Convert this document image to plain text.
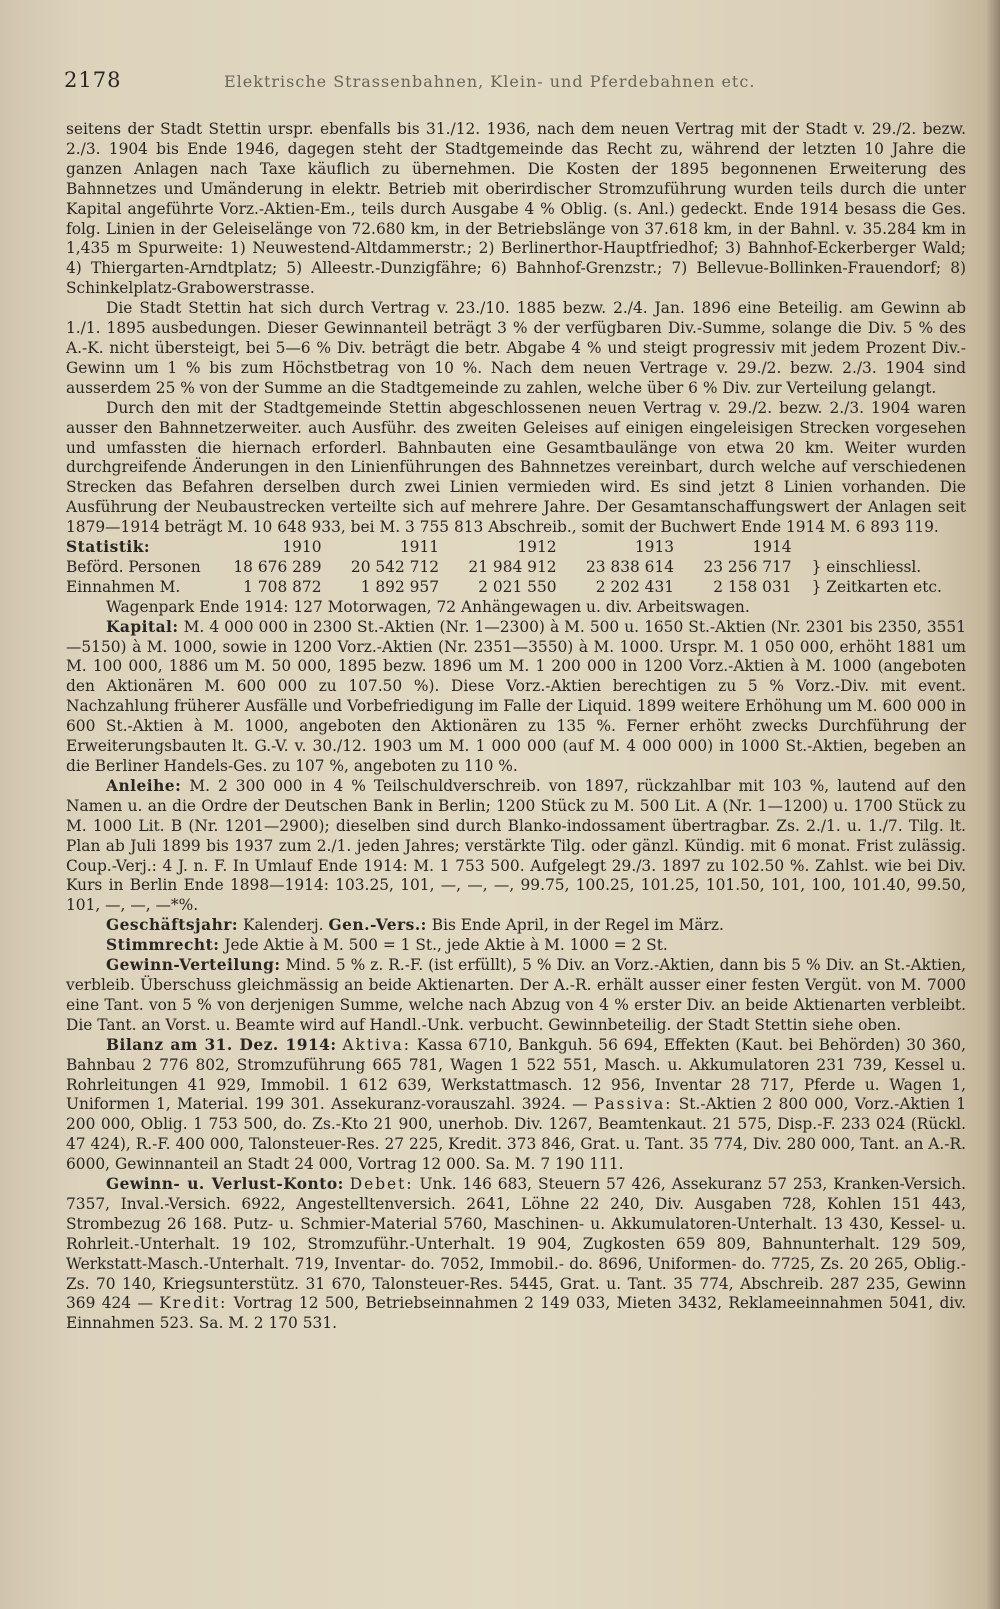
2178	Elektrische Strassenbahnen, Klein- und Pferdebahnen etc.

seitens der Stadt Stettin urspr. ebenfalls bis 31./12. 1936, nach dem neuen Vertrag mit der Stadt v. 29./2. bezw. 2./3. 1904 bis Ende 1946, dagegen steht der Stadtgemeinde das Recht zu, während der letzten 10 Jahre die ganzen Anlagen nach Taxe käuflich zu übernehmen. Die Kosten der 1895 begonnenen Erweiterung des Bahnnetzes und Umänderung in elektr. Betrieb mit oberirdischer Stromzuführung wurden teils durch die unter Kapital angeführte Vorz.-Aktien-Em., teils durch Ausgabe 4 % Oblig. (s. Anl.) gedeckt. Ende 1914 besass die Ges. folg. Linien in der Geleiselänge von 72.680 km, in der Betriebslänge von 37.618 km, in der Bahnl. v. 35.284 km in 1,435 m Spurweite: 1) Neuwestend-Altdammerstr.; 2) Berlinerthor-Hauptfriedhof; 3) Bahnhof-Eckerberger Wald; 4) Thiergarten-Arndtplatz; 5) Alleestr.-Dunzigfähre; 6) Bahnhof-Grenzstr.; 7) Bellevue-Bollinken-Frauendorf; 8) Schinkelplatz-Grabowerstrasse.

Die Stadt Stettin hat sich durch Vertrag v. 23./10. 1885 bezw. 2./4. Jan. 1896 eine Beteilig. am Gewinn ab 1./1. 1895 ausbedungen. Dieser Gewinnanteil beträgt 3 % der verfügbaren Div.-Summe, solange die Div. 5 % des A.-K. nicht übersteigt, bei 5—6 % Div. beträgt die betr. Abgabe 4 % und steigt progressiv mit jedem Prozent Div.-Gewinn um 1 % bis zum Höchstbetrag von 10 %. Nach dem neuen Vertrage v. 29./2. bezw. 2./3. 1904 sind ausserdem 25 % von der Summe an die Stadtgemeinde zu zahlen, welche über 6 % Div. zur Verteilung gelangt.

Durch den mit der Stadtgemeinde Stettin abgeschlossenen neuen Vertrag v. 29./2. bezw. 2./3. 1904 waren ausser den Bahnnetzerweiter. auch Ausführ. des zweiten Geleises auf einigen eingeleisigen Strecken vorgesehen und umfassten die hiernach erforderl. Bahnbauten eine Gesamtbaulänge von etwa 20 km. Weiter wurden durchgreifende Änderungen in den Linienführungen des Bahnnetzes vereinbart, durch welche auf verschiedenen Strecken das Befahren derselben durch zwei Linien vermieden wird. Es sind jetzt 8 Linien vorhanden. Die Ausführung der Neubaustrecken verteilte sich auf mehrere Jahre. Der Gesamtanschaffungswert der Anlagen seit 1879—1914 beträgt M. 10 648 933, bei M. 3 755 813 Abschreib., somit der Buchwert Ende 1914 M. 6 893 119.

Statistik:	1910	1911	1912	1913	1914	
Beförd. Personen	18 676 289	20 542 712	21 984 912	23 838 614	23 256 717	} einschliessl.
Einnahmen M.	1 708 872	1 892 957	2 021 550	2 202 431	2 158 031	} Zeitkarten etc.

Wagenpark Ende 1914: 127 Motorwagen, 72 Anhängewagen u. div. Arbeitswagen.

Kapital: M. 4 000 000 in 2300 St.-Aktien (Nr. 1—2300) à M. 500 u. 1650 St.-Aktien (Nr. 2301 bis 2350, 3551—5150) à M. 1000, sowie in 1200 Vorz.-Aktien (Nr. 2351—3550) à M. 1000. Urspr. M. 1 050 000, erhöht 1881 um M. 100 000, 1886 um M. 50 000, 1895 bezw. 1896 um M. 1 200 000 in 1200 Vorz.-Aktien à M. 1000 (angeboten den Aktionären M. 600 000 zu 107.50 %). Diese Vorz.-Aktien berechtigen zu 5 % Vorz.-Div. mit event. Nachzahlung früherer Ausfälle und Vorbefriedigung im Falle der Liquid. 1899 weitere Erhöhung um M. 600 000 in 600 St.-Aktien à M. 1000, angeboten den Aktionären zu 135 %. Ferner erhöht zwecks Durchführung der Erweiterungsbauten lt. G.-V. v. 30./12. 1903 um M. 1 000 000 (auf M. 4 000 000) in 1000 St.-Aktien, begeben an die Berliner Handels-Ges. zu 107 %, angeboten zu 110 %.

Anleihe: M. 2 300 000 in 4 % Teilschuldverschreib. von 1897, rückzahlbar mit 103 %, lautend auf den Namen u. an die Ordre der Deutschen Bank in Berlin; 1200 Stück zu M. 500 Lit. A (Nr. 1—1200) u. 1700 Stück zu M. 1000 Lit. B (Nr. 1201—2900); dieselben sind durch Blanko-indossament übertragbar. Zs. 2./1. u. 1./7. Tilg. lt. Plan ab Juli 1899 bis 1937 zum 2./1. jeden Jahres; verstärkte Tilg. oder gänzl. Kündig. mit 6 monat. Frist zulässig. Coup.-Verj.: 4 J. n. F. In Umlauf Ende 1914: M. 1 753 500. Aufgelegt 29./3. 1897 zu 102.50 %. Zahlst. wie bei Div. Kurs in Berlin Ende 1898—1914: 103.25, 101, —, —, —, 99.75, 100.25, 101.25, 101.50, 101, 100, 101.40, 99.50, 101, —, —, —*%.

Geschäftsjahr: Kalenderj. Gen.-Vers.: Bis Ende April, in der Regel im März.

Stimmrecht: Jede Aktie à M. 500 = 1 St., jede Aktie à M. 1000 = 2 St.

Gewinn-Verteilung: Mind. 5 % z. R.-F. (ist erfüllt), 5 % Div. an Vorz.-Aktien, dann bis 5 % Div. an St.-Aktien, verbleib. Überschuss gleichmässig an beide Aktienarten. Der A.-R. erhält ausser einer festen Vergüt. von M. 7000 eine Tant. von 5 % von derjenigen Summe, welche nach Abzug von 4 % erster Div. an beide Aktienarten verbleibt. Die Tant. an Vorst. u. Beamte wird auf Handl.-Unk. verbucht. Gewinnbeteilig. der Stadt Stettin siehe oben.

Bilanz am 31. Dez. 1914: Aktiva: Kassa 6710, Bankguh. 56 694, Effekten (Kaut. bei Behörden) 30 360, Bahnbau 2 776 802, Stromzuführung 665 781, Wagen 1 522 551, Masch. u. Akkumulatoren 231 739, Kessel u. Rohrleitungen 41 929, Immobil. 1 612 639, Werkstattmasch. 12 956, Inventar 28 717, Pferde u. Wagen 1, Uniformen 1, Material. 199 301. Assekuranz-vorauszahl. 3924. — Passiva: St.-Aktien 2 800 000, Vorz.-Aktien 1 200 000, Oblig. 1 753 500, do. Zs.-Kto 21 900, unerhob. Div. 1267, Beamtenkaut. 21 575, Disp.-F. 233 024 (Rückl. 47 424), R.-F. 400 000, Talonsteuer-Res. 27 225, Kredit. 373 846, Grat. u. Tant. 35 774, Div. 280 000, Tant. an A.-R. 6000, Gewinnanteil an Stadt 24 000, Vortrag 12 000. Sa. M. 7 190 111.

Gewinn- u. Verlust-Konto: Debet: Unk. 146 683, Steuern 57 426, Assekuranz 57 253, Kranken-Versich. 7357, Inval.-Versich. 6922, Angestelltenversich. 2641, Löhne 22 240, Div. Ausgaben 728, Kohlen 151 443, Strombezug 26 168. Putz- u. Schmier-Material 5760, Maschinen- u. Akkumulatoren-Unterhalt. 13 430, Kessel- u. Rohrleit.-Unterhalt. 19 102, Stromzuführ.-Unterhalt. 19 904, Zugkosten 659 809, Bahnunterhalt. 129 509, Werkstatt-Masch.-Unterhalt. 719, Inventar- do. 7052, Immobil.- do. 8696, Uniformen- do. 7725, Zs. 20 265, Oblig.-Zs. 70 140, Kriegsunterstütz. 31 670, Talonsteuer-Res. 5445, Grat. u. Tant. 35 774, Abschreib. 287 235, Gewinn 369 424 — Kredit: Vortrag 12 500, Betriebseinnahmen 2 149 033, Mieten 3432, Reklameeinnahmen 5041, div. Einnahmen 523. Sa. M. 2 170 531.
